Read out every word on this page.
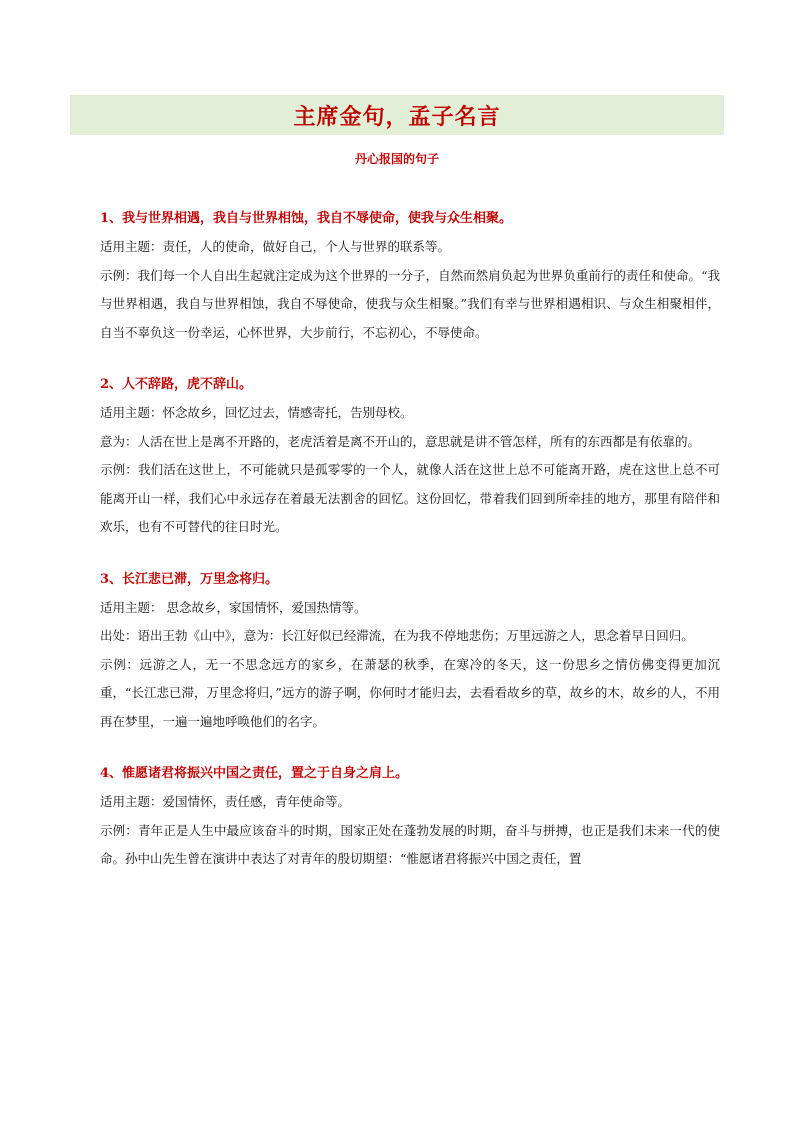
主席金句，孟子名言
丹心报国的句子
1、我与世界相遇，我自与世界相蚀，我自不辱使命，使我与众生相聚。

适用主题：责任，人的使命，做好自己，个人与世界的联系等。

示例：我们每一个人自出生起就注定成为这个世界的一分子，自然而然肩负起为世界负重前行的责任和使命。“我与世界相遇，我自与世界相蚀，我自不辱使命，使我与众生相聚。”我们有幸与世界相遇相识、与众生相聚相伴，自当不辜负这一份幸运，心怀世界，大步前行，不忘初心，不辱使命。

2、人不辞路，虎不辞山。

适用主题：怀念故乡，回忆过去，情感寄托，告别母校。

意为：人活在世上是离不开路的，老虎活着是离不开山的，意思就是讲不管怎样，所有的东西都是有依靠的。

示例：我们活在这世上，不可能就只是孤零零的一个人，就像人活在这世上总不可能离开路，虎在这世上总不可能离开山一样，我们心中永远存在着最无法割舍的回忆。这份回忆，带着我们回到所牵挂的地方，那里有陪伴和欢乐，也有不可替代的往日时光。

3、长江悲已滞，万里念将归。

适用主题： 思念故乡，家国情怀，爱国热情等。

出处：语出王勃《山中》，意为：长江好似已经滞流，在为我不停地悲伤；万里远游之人，思念着早日回归。

示例：远游之人，无一不思念远方的家乡，在萧瑟的秋季，在寒冷的冬天，这一份思乡之情仿佛变得更加沉重，“长江悲已滞，万里念将归，”远方的游子啊，你何时才能归去，去看看故乡的草，故乡的木，故乡的人，不用再在梦里，一遍一遍地呼唤他们的名字。

4、惟愿诸君将振兴中国之责任，置之于自身之肩上。

适用主题：爱国情怀，责任感，青年使命等。

示例：青年正是人生中最应该奋斗的时期，国家正处在蓬勃发展的时期，奋斗与拼搏，也正是我们未来一代的使命。孙中山先生曾在演讲中表达了对青年的殷切期望：“惟愿诸君将振兴中国之责任，置
